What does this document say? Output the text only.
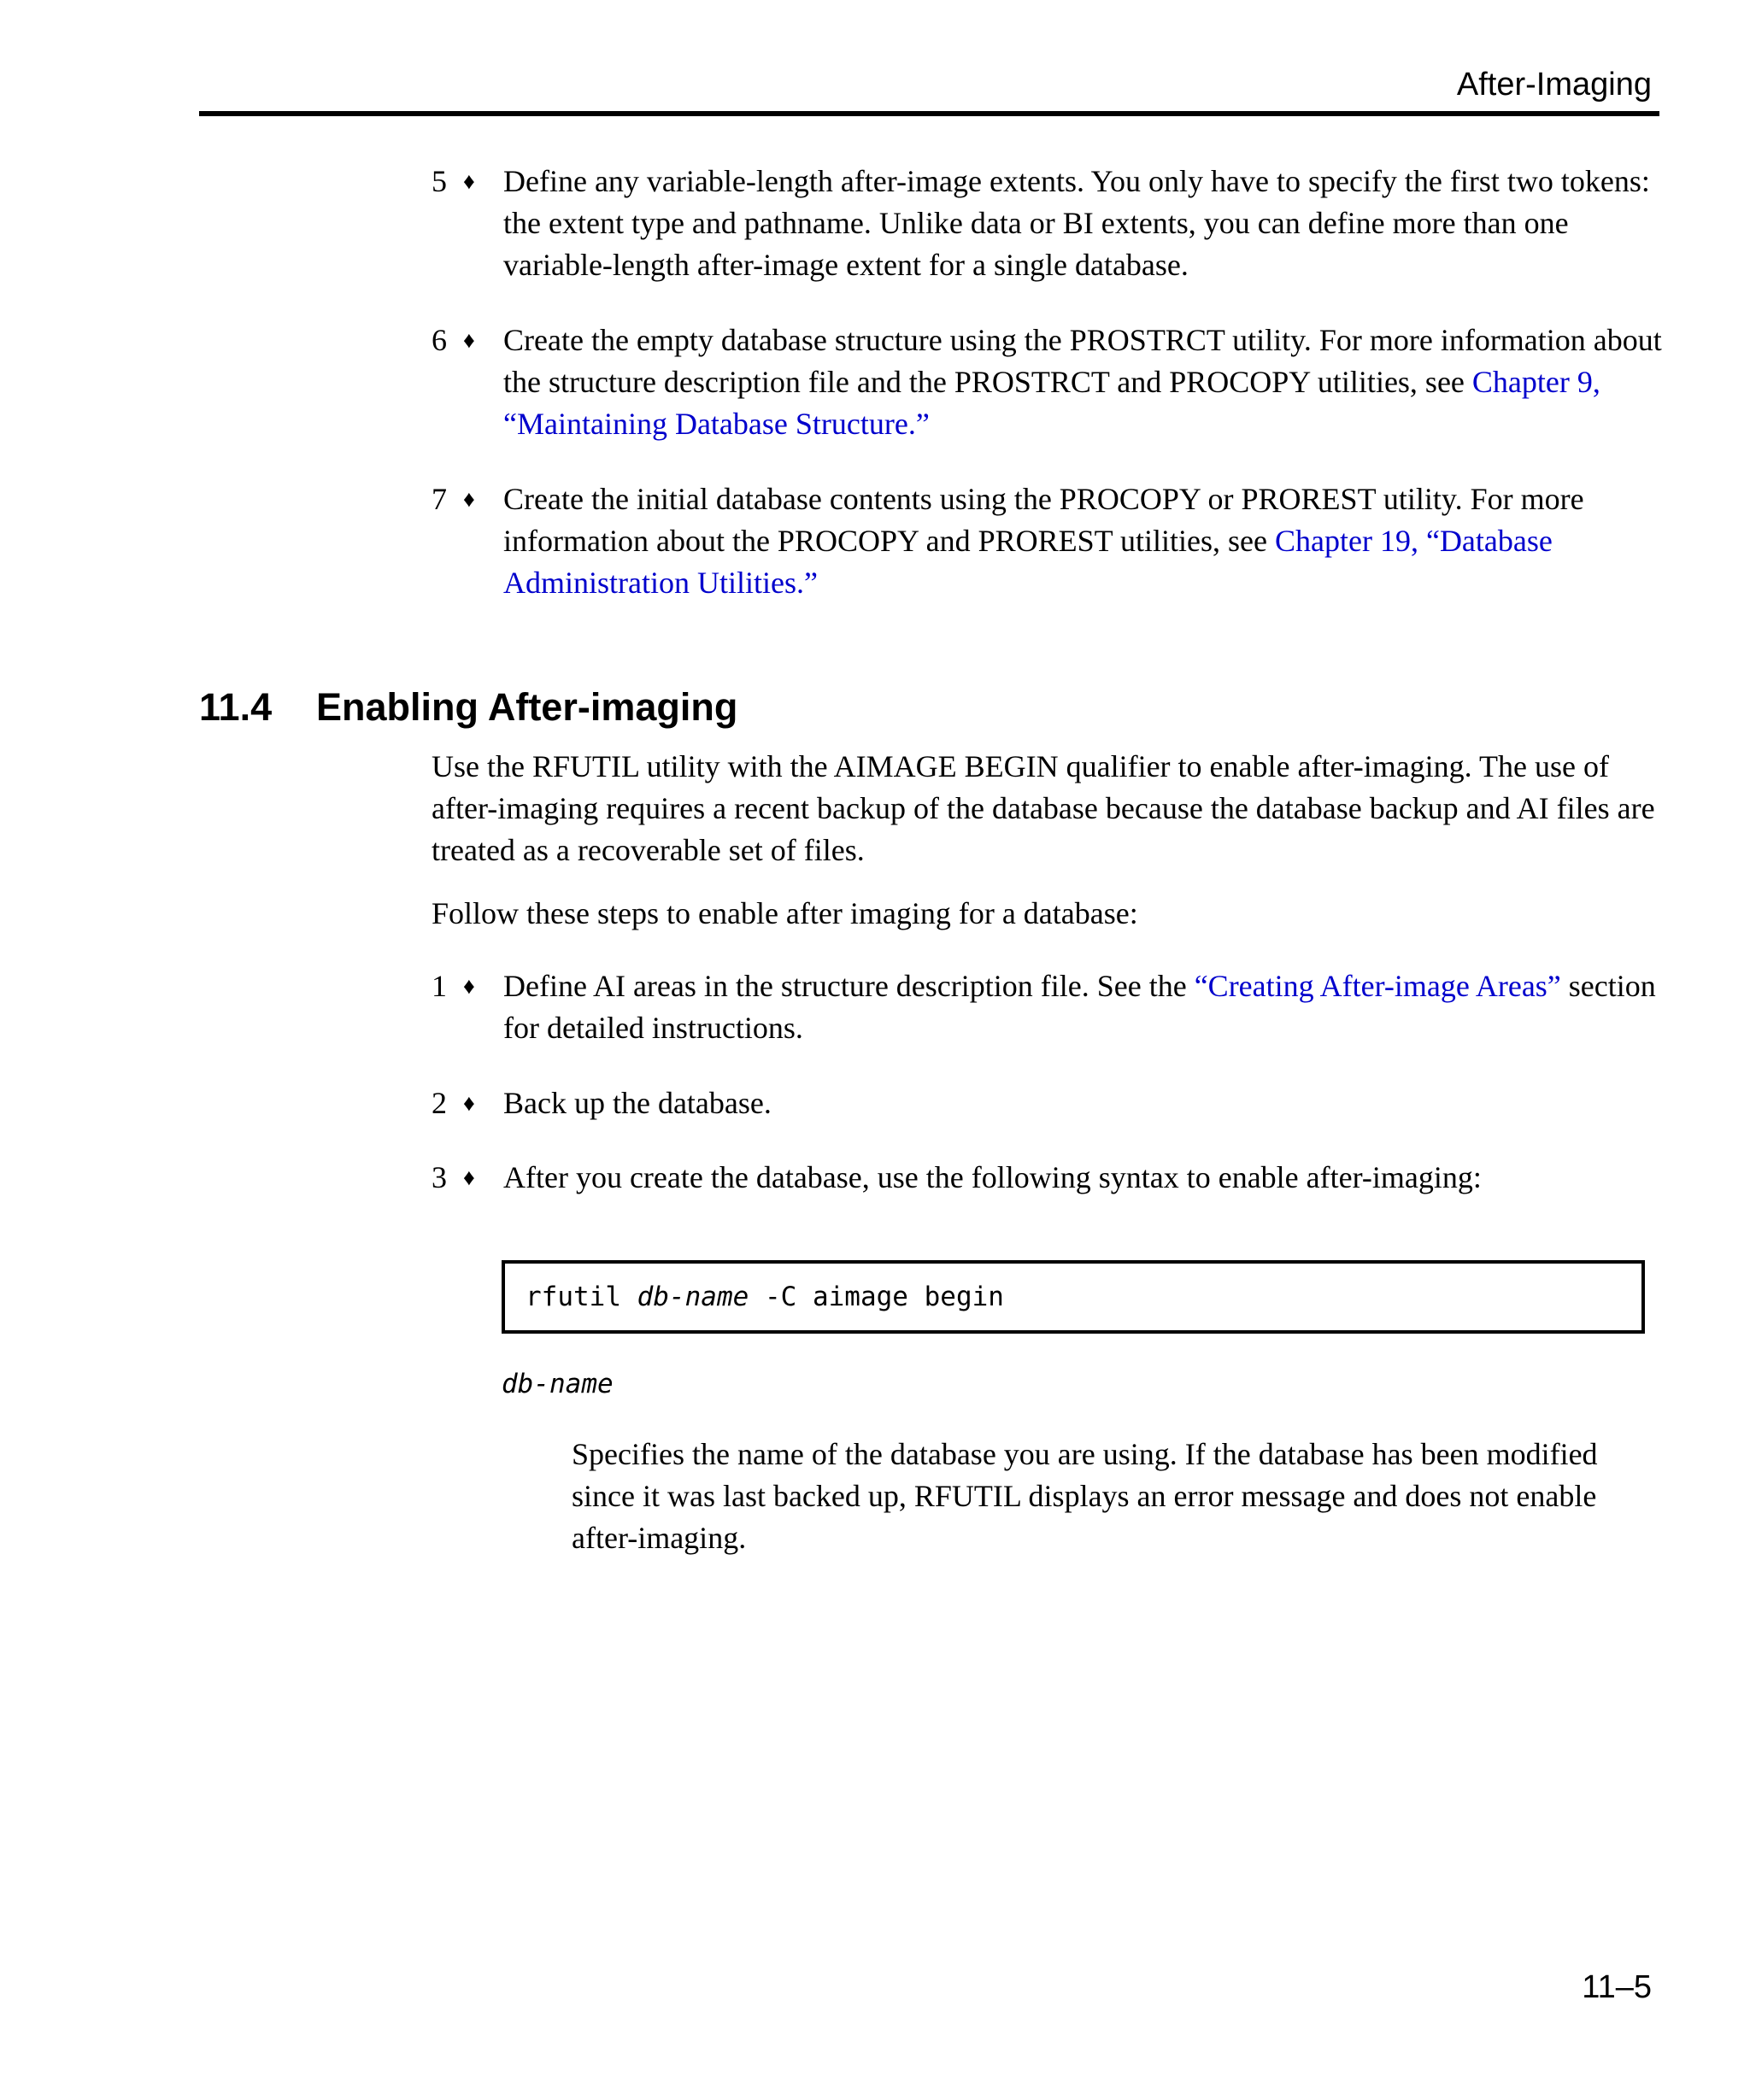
After-Imaging
5 ♦ Define any variable-length after-image extents. You only have to specify the first two tokens: the extent type and pathname. Unlike data or BI extents, you can define more than one variable-length after-image extent for a single database.
6 ♦ Create the empty database structure using the PROSTRCT utility. For more information about the structure description file and the PROSTRCT and PROCOPY utilities, see Chapter 9, “Maintaining Database Structure.”
7 ♦ Create the initial database contents using the PROCOPY or PROREST utility. For more information about the PROCOPY and PROREST utilities, see Chapter 19, “Database Administration Utilities.”
11.4 Enabling After-imaging
Use the RFUTIL utility with the AIMAGE BEGIN qualifier to enable after-imaging. The use of after-imaging requires a recent backup of the database because the database backup and AI files are treated as a recoverable set of files.
Follow these steps to enable after imaging for a database:
1 ♦ Define AI areas in the structure description file. See the “Creating After-image Areas” section for detailed instructions.
2 ♦ Back up the database.
3 ♦ After you create the database, use the following syntax to enable after-imaging:
rfutil
db-name
-C aimage begin
db-name
Specifies the name of the database you are using. If the database has been modified since it was last backed up, RFUTIL displays an error message and does not enable after-imaging.
11–5
